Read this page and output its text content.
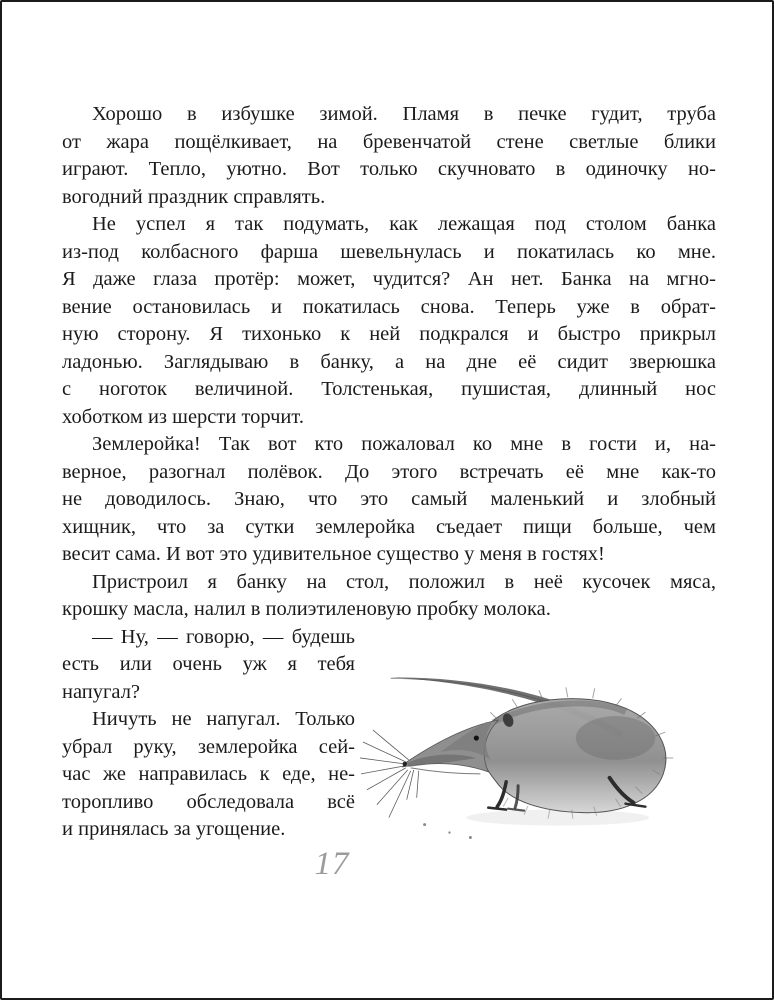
Хорошо в избушке зимой. Пламя в печке гудит, труба
от жара пощёлкивает, на бревенчатой стене светлые блики
играют. Тепло, уютно. Вот только скучновато в одиночку но-
вогодний праздник справлять.
Не успел я так подумать, как лежащая под столом банка
из-под колбасного фарша шевельнулась и покатилась ко мне.
Я даже глаза протёр: может, чудится? Ан нет. Банка на мгно-
вение остановилась и покатилась снова. Теперь уже в обрат-
ную сторону. Я тихонько к ней подкрался и быстро прикрыл
ладонью. Заглядываю в банку, а на дне её сидит зверюшка
с ноготок величиной. Толстенькая, пушистая, длинный нос
хоботком из шерсти торчит.
Землеройка! Так вот кто пожаловал ко мне в гости и, на-
верное, разогнал полёвок. До этого встречать её мне как-то
не доводилось. Знаю, что это самый маленький и злобный
хищник, что за сутки землеройка съедает пищи больше, чем
весит сама. И вот это удивительное существо у меня в гостях!
Пристроил я банку на стол, положил в неё кусочек мяса,
крошку масла, налил в полиэтиленовую пробку молока.
— Ну, — говорю, — будешь
есть или очень уж я тебя напугал?
Ничуть не напугал. Только
убрал руку, землеройка сей-
час же направилась к еде, не-
торопливо обследовала всё
и принялась за угощение.
17
